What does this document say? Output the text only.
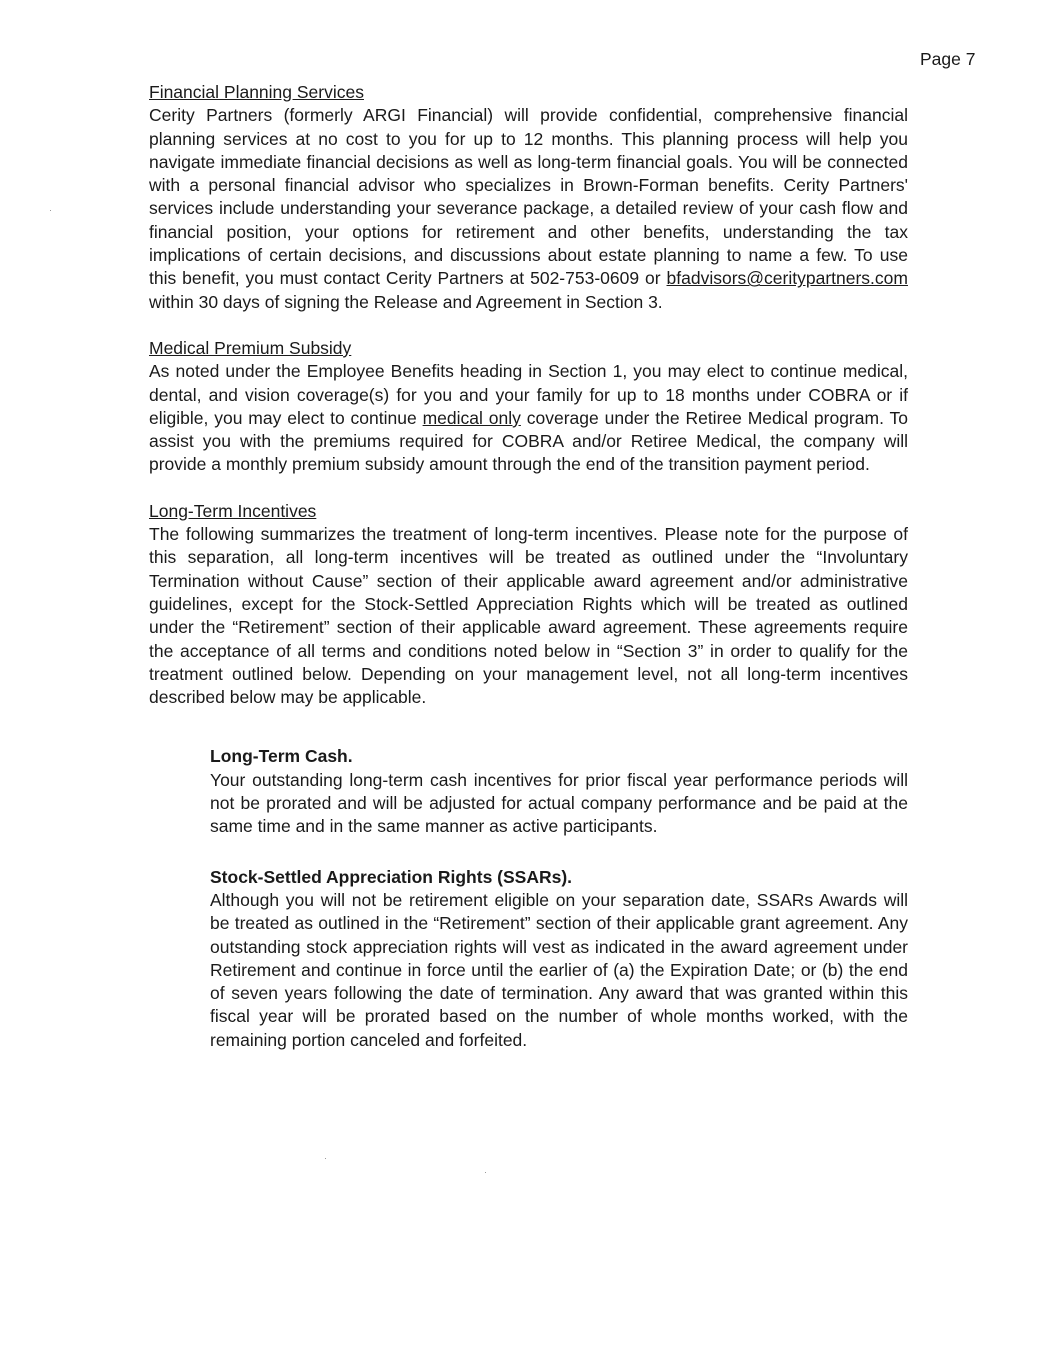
Page 7

Financial Planning Services

Cerity Partners (formerly ARGI Financial) will provide confidential, comprehensive financial planning services at no cost to you for up to 12 months. This planning process will help you navigate immediate financial decisions as well as long-term financial goals. You will be connected with a personal financial advisor who specializes in Brown-Forman benefits. Cerity Partners' services include understanding your severance package, a detailed review of your cash flow and financial position, your options for retirement and other benefits, understanding the tax implications of certain decisions, and discussions about estate planning to name a few. To use this benefit, you must contact Cerity Partners at 502-753-0609 or bfadvisors@ceritypartners.com within 30 days of signing the Release and Agreement in Section 3.

Medical Premium Subsidy

As noted under the Employee Benefits heading in Section 1, you may elect to continue medical, dental, and vision coverage(s) for you and your family for up to 18 months under COBRA or if eligible, you may elect to continue medical only coverage under the Retiree Medical program. To assist you with the premiums required for COBRA and/or Retiree Medical, the company will provide a monthly premium subsidy amount through the end of the transition payment period.

Long-Term Incentives

The following summarizes the treatment of long-term incentives. Please note for the purpose of this separation, all long-term incentives will be treated as outlined under the “Involuntary Termination without Cause” section of their applicable award agreement and/or administrative guidelines, except for the Stock-Settled Appreciation Rights which will be treated as outlined under the “Retirement” section of their applicable award agreement. These agreements require the acceptance of all terms and conditions noted below in “Section 3” in order to qualify for the treatment outlined below. Depending on your management level, not all long-term incentives described below may be applicable.

Long-Term Cash.

Your outstanding long-term cash incentives for prior fiscal year performance periods will not be prorated and will be adjusted for actual company performance and be paid at the same time and in the same manner as active participants.

Stock-Settled Appreciation Rights (SSARs).

Although you will not be retirement eligible on your separation date, SSARs Awards will be treated as outlined in the “Retirement” section of their applicable grant agreement. Any outstanding stock appreciation rights will vest as indicated in the award agreement under Retirement and continue in force until the earlier of (a) the Expiration Date; or (b) the end of seven years following the date of termination. Any award that was granted within this fiscal year will be prorated based on the number of whole months worked, with the remaining portion canceled and forfeited.
